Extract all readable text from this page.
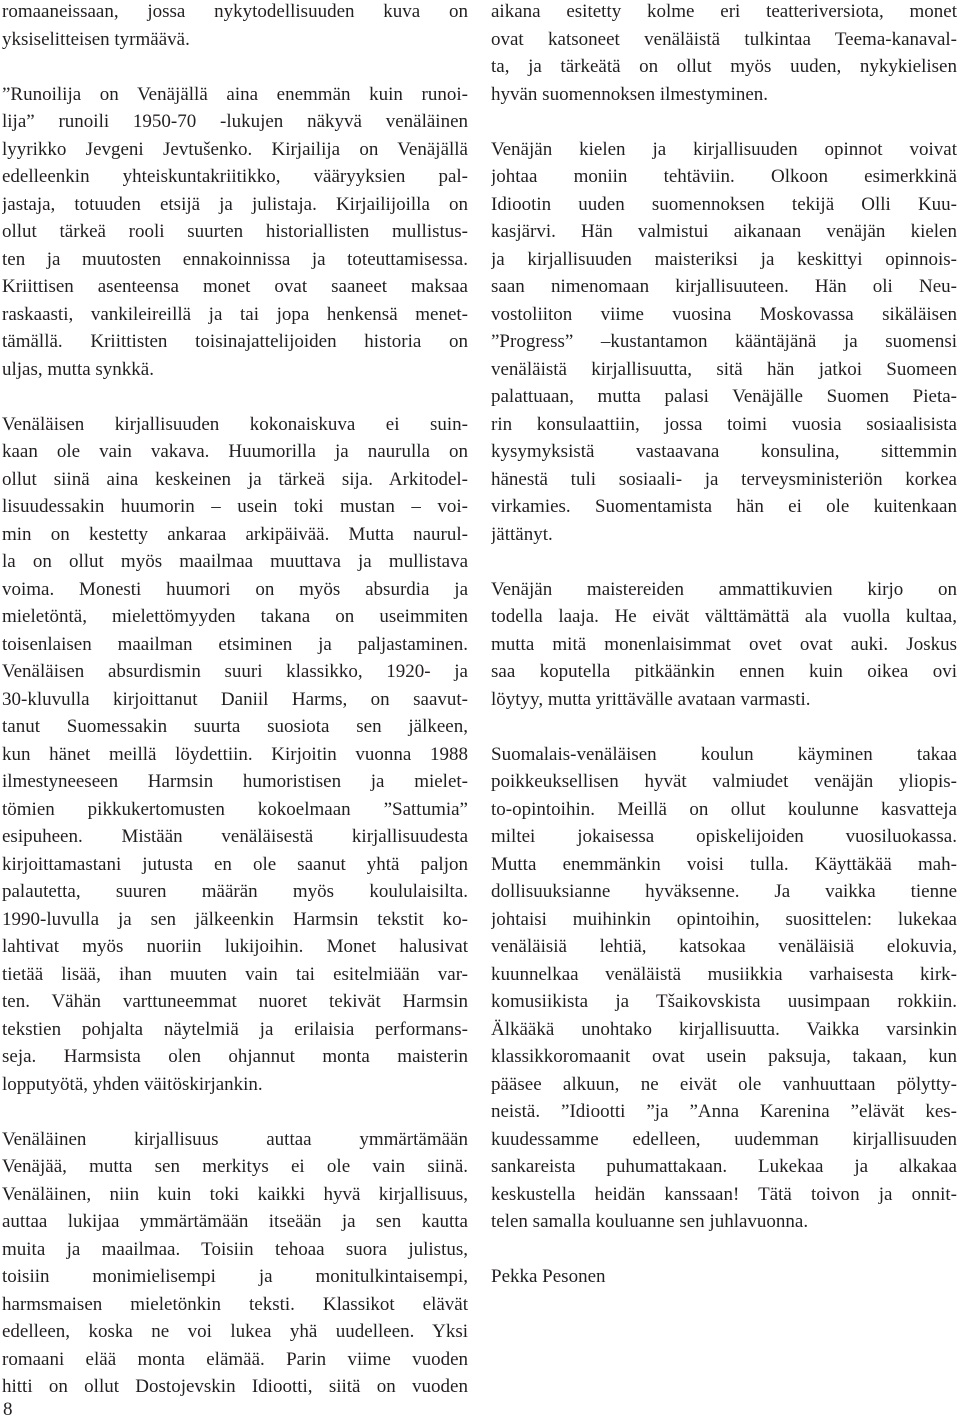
romaaneissaan, jossa nykytodellisuuden kuva on
yksiselitteisen tyrmäävä.
”Runoilija on Venäjällä aina enemmän kuin runoi-
lija” runoili 1950-70 -lukujen näkyvä venäläinen
lyyrikko Jevgeni Jevtušenko. Kirjailija on Venäjällä
edelleenkin yhteiskuntakriitikko, vääryyksien pal-
jastaja, totuuden etsijä ja julistaja. Kirjailijoilla on
ollut tärkeä rooli suurten historiallisten mullistus-
ten ja muutosten ennakoinnissa ja toteuttamisessa.
Kriittisen asenteensa monet ovat saaneet maksaa
raskaasti, vankileireillä ja tai jopa henkensä menet-
tämällä. Kriittisten toisinajattelijoiden historia on
uljas, mutta synkkä.
Venäläisen kirjallisuuden kokonaiskuva ei suin-
kaan ole vain vakava. Huumorilla ja naurulla on
ollut siinä aina keskeinen ja tärkeä sija. Arkitodel-
lisuudessakin huumorin – usein toki mustan – voi-
min on kestetty ankaraa arkipäivää. Mutta naurul-
la on ollut myös maailmaa muuttava ja mullistava
voima. Monesti huumori on myös absurdia ja
mieletöntä, mielettömyyden takana on useimmiten
toisenlaisen maailman etsiminen ja paljastaminen.
Venäläisen absurdismin suuri klassikko, 1920- ja
30-kluvulla kirjoittanut Daniil Harms, on saavut-
tanut Suomessakin suurta suosiota sen jälkeen,
kun hänet meillä löydettiin. Kirjoitin vuonna 1988
ilmestyneeseen Harmsin humoristisen ja mielet-
tömien pikkukertomusten kokoelmaan ”Sattumia”
esipuheen. Mistään venäläisestä kirjallisuudesta
kirjoittamastani jutusta en ole saanut yhtä paljon
palautetta, suuren määrän myös koululaisilta.
1990-luvulla ja sen jälkeenkin Harmsin tekstit ko-
lahtivat myös nuoriin lukijoihin. Monet halusivat
tietää lisää, ihan muuten vain tai esitelmiään var-
ten. Vähän varttuneemmat nuoret tekivät Harmsin
tekstien pohjalta näytelmiä ja erilaisia performans-
seja. Harmsista olen ohjannut monta maisterin
lopputyötä, yhden väitöskirjankin.
Venäläinen kirjallisuus auttaa ymmärtämään
Venäjää, mutta sen merkitys ei ole vain siinä.
Venäläinen, niin kuin toki kaikki hyvä kirjallisuus,
auttaa lukijaa ymmärtämään itseään ja sen kautta
muita ja maailmaa. Toisiin tehoaa suora julistus,
toisiin monimielisempi ja monitulkintaisempi,
harmsmaisen mieletönkin teksti. Klassikot elävät
edelleen, koska ne voi lukea yhä uudelleen. Yksi
romaani elää monta elämää. Parin viime vuoden
hitti on ollut Dostojevskin Idiootti, siitä on vuoden
aikana esitetty kolme eri teatteriversiota, monet
ovat katsoneet venäläistä tulkintaa Teema-kanaval-
ta, ja tärkeätä on ollut myös uuden, nykykielisen
hyvän suomennoksen ilmestyminen.
Venäjän kielen ja kirjallisuuden opinnot voivat
johtaa moniin tehtäviin. Olkoon esimerkkinä
Idiootin uuden suomennoksen tekijä Olli Kuu-
kasjärvi. Hän valmistui aikanaan venäjän kielen
ja kirjallisuuden maisteriksi ja keskittyi opinnois-
saan nimenomaan kirjallisuuteen. Hän oli Neu-
vostoliiton viime vuosina Moskovassa sikäläisen
”Progress” –kustantamon kääntäjänä ja suomensi
venäläistä kirjallisuutta, sitä hän jatkoi Suomeen
palattuaan, mutta palasi Venäjälle Suomen Pieta-
rin konsulaattiin, jossa toimi vuosia sosiaalisista
kysymyksistä vastaavana konsulina, sittemmin
hänestä tuli sosiaali- ja terveysministeriön korkea
virkamies. Suomentamista hän ei ole kuitenkaan
jättänyt.
Venäjän maistereiden ammattikuvien kirjo on
todella laaja. He eivät välttämättä ala vuolla kultaa,
mutta mitä monenlaisimmat ovet ovat auki. Joskus
saa koputella pitkäänkin ennen kuin oikea ovi
löytyy, mutta yrittävälle avataan varmasti.
Suomalais-venäläisen koulun käyminen takaa
poikkeuksellisen hyvät valmiudet venäjän yliopis-
to-opintoihin. Meillä on ollut koulunne kasvatteja
miltei jokaisessa opiskelijoiden vuosiluokassa.
Mutta enemmänkin voisi tulla. Käyttäkää mah-
dollisuuksianne hyväksenne. Ja vaikka tienne
johtaisi muihinkin opintoihin, suosittelen: lukekaa
venäläisiä lehtiä, katsokaa venäläisiä elokuvia,
kuunnelkaa venäläistä musiikkia varhaisesta kirk-
komusiikista ja Tšaikovskista uusimpaan rokkiin.
Älkääkä unohtako kirjallisuutta. Vaikka varsinkin
klassikkoromaanit ovat usein paksuja, takaan, kun
pääsee alkuun, ne eivät ole vanhuuttaan pölytty-
neistä. ”Idiootti ”ja ”Anna Karenina ”elävät kes-
kuudessamme edelleen, uudemman kirjallisuuden
sankareista puhumattakaan. Lukekaa ja alkakaa
keskustella heidän kanssaan! Tätä toivon ja onnit-
telen samalla kouluanne sen juhlavuonna.
Pekka Pesonen
8
